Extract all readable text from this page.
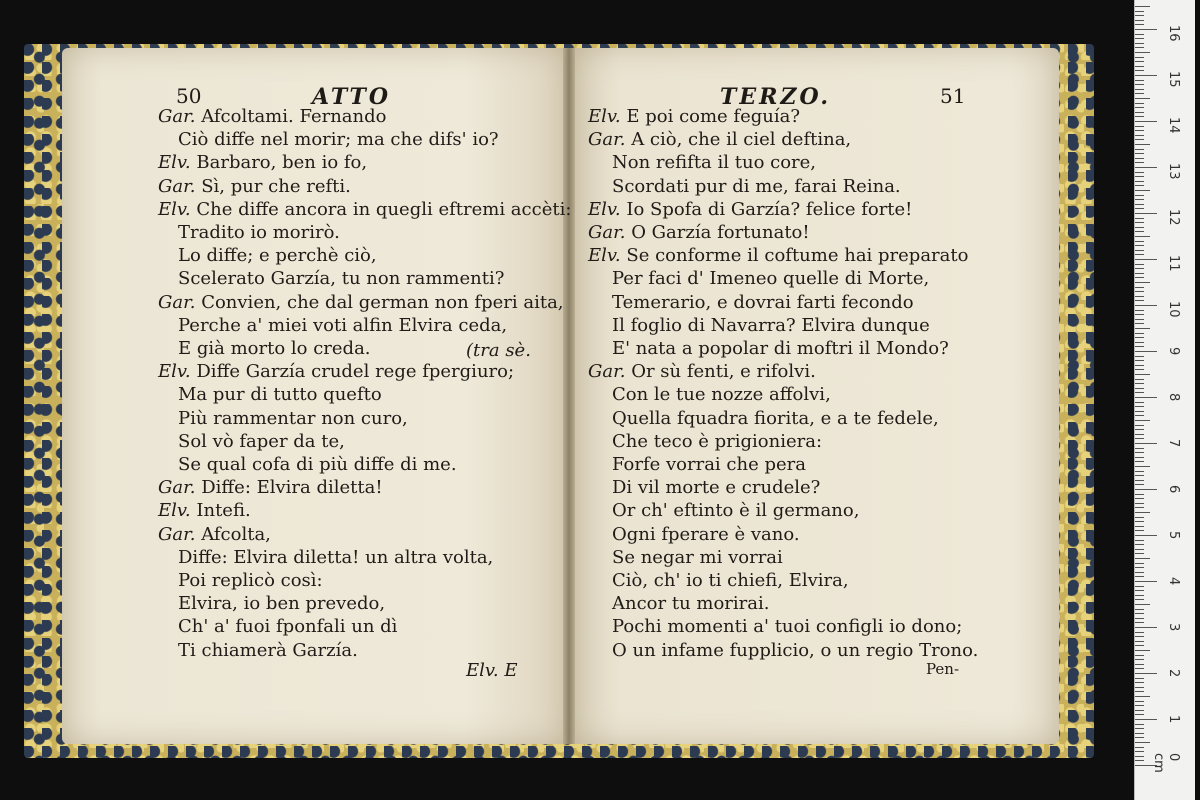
50	ATTO	TERZO.	51
Gar. Afcoltami. Fernando
Ciò diffe nel morir; ma che difs' io?
Elv. Barbaro, ben io fo,
Gar. Sì, pur che refti.
Elv. Che diffe ancora in quegli eftremi accèti:
Tradito io morirò.
Lo diffe; e perchè ciò,
Scelerato Garzía, tu non rammenti?
Gar. Convien, che dal german non fperi aita,
Perche a' miei voti alfin Elvira ceda,
E già morto lo creda.
Elv. Diffe Garzía crudel rege fpergiuro;
Ma pur di tutto quefto
Più rammentar non curo,
Sol vò faper da te,
Se qual cofa di più diffe di me.
Gar. Diffe: Elvira diletta!
Elv. Intefi.
Gar. Afcolta,
Diffe: Elvira diletta! un altra volta,
Poi replicò così:
Elvira, io ben prevedo,
Ch' a' fuoi fponfali un dì
Ti chiamerà Garzía.
Elv. E poi come feguía?
Gar. A ciò, che il ciel deftina,
Non refifta il tuo core,
Scordati pur di me, farai Reina.
Elv. Io Spofa di Garzía? felice forte!
Gar. O Garzía fortunato!
Elv. Se conforme il coftume hai preparato
Per faci d' Imeneo quelle di Morte,
Temerario, e dovrai farti fecondo
Il foglio di Navarra? Elvira dunque
E' nata a popolar di moftri il Mondo?
Gar. Or sù fenti, e rifolvi.
Con le tue nozze affolvi,
Quella fquadra fiorita, e a te fedele,
Che teco è prigioniera:
Forfe vorrai che pera
Di vil morte e crudele?
Or ch' eftinto è il germano,
Ogni fperare è vano.
Se negar mi vorrai
Ciò, ch' io ti chiefi, Elvira,
Ancor tu morirai.
Pochi momenti a' tuoi configli io dono;
O un infame fupplicio, o un regio Trono.
(tra sè.
Elv. E	Pen-
0 cm
1
2
3
4
5
6
7
8
9
10
11
12
13
14
15
16
